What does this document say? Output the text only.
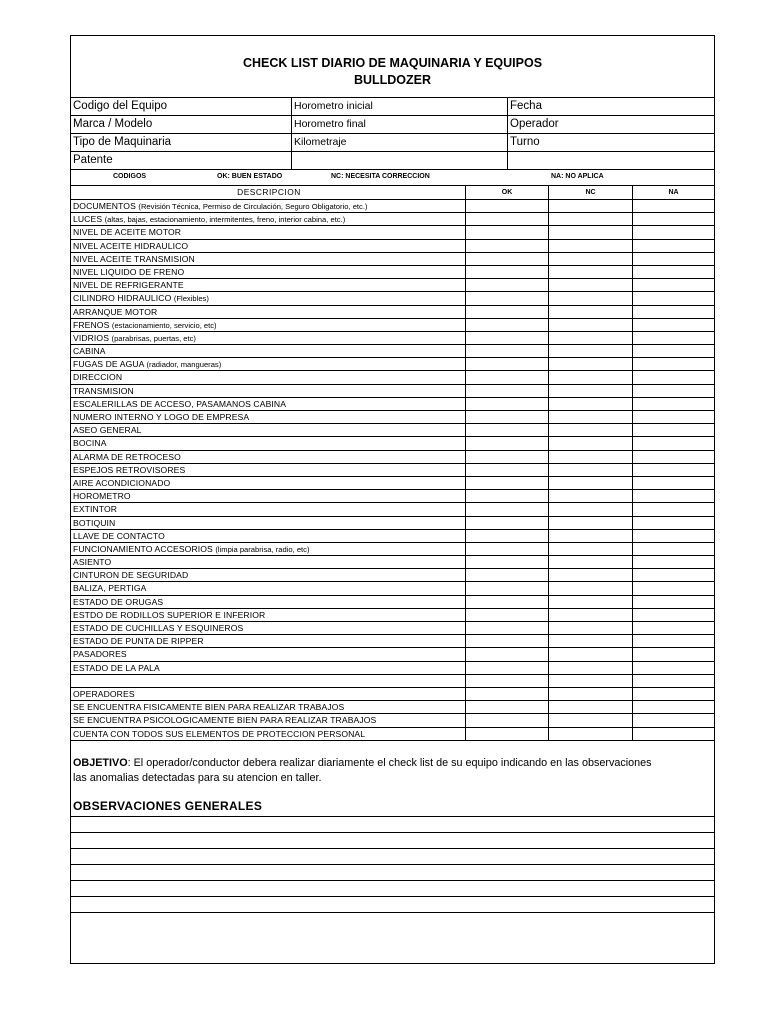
CHECK LIST DIARIO DE MAQUINARIA Y EQUIPOS
BULLDOZER
Codigo del Equipo	Horometro inicial	Fecha
Marca / Modelo	Horometro final	Operador
Tipo de Maquinaria	Kilometraje	Turno
Patente
CODIGOS	OK: BUEN ESTADO	NC: NECESITA CORRECCION	NA: NO APLICA
DESCRIPCION	OK	NC	NA
DOCUMENTOS (Revisión Técnica, Permiso de Circulación, Seguro Obligatorio, etc.)
LUCES (altas, bajas, estacionamiento, intermitentes, freno, interior cabina, etc.)
NIVEL DE ACEITE MOTOR
NIVEL ACEITE HIDRAULICO
NIVEL ACEITE TRANSMISION
NIVEL LIQUIDO DE FRENO
NIVEL DE REFRIGERANTE
CILINDRO HIDRAULICO (Flexibles)
ARRANQUE MOTOR
FRENOS (estacionamiento, servicio, etc)
VIDRIOS (parabrisas, puertas, etc)
CABINA
FUGAS DE AGUA (radiador, mangueras)
DIRECCION
TRANSMISION
ESCALERILLAS DE ACCESO, PASAMANOS CABINA
NUMERO INTERNO Y LOGO DE EMPRESA
ASEO GENERAL
BOCINA
ALARMA DE RETROCESO
ESPEJOS RETROVISORES
AIRE ACONDICIONADO
HOROMETRO
EXTINTOR
BOTIQUIN
LLAVE DE CONTACTO
FUNCIONAMIENTO ACCESORIOS (limpia parabrisa, radio, etc)
ASIENTO
CINTURON DE SEGURIDAD
BALIZA, PERTIGA
ESTADO DE ORUGAS
ESTDO DE RODILLOS SUPERIOR E INFERIOR
ESTADO DE CUCHILLAS Y ESQUINEROS
ESTADO DE PUNTA DE RIPPER
PASADORES
ESTADO DE LA PALA
OPERADORES
SE ENCUENTRA FISICAMENTE BIEN PARA REALIZAR TRABAJOS
SE ENCUENTRA PSICOLOGICAMENTE BIEN PARA REALIZAR TRABAJOS
CUENTA CON TODOS SUS ELEMENTOS DE PROTECCION PERSONAL
OBJETIVO: El operador/conductor debera realizar diariamente el check list de su equipo indicando en las observaciones
las anomalias detectadas para su atencion en taller.
OBSERVACIONES GENERALES
